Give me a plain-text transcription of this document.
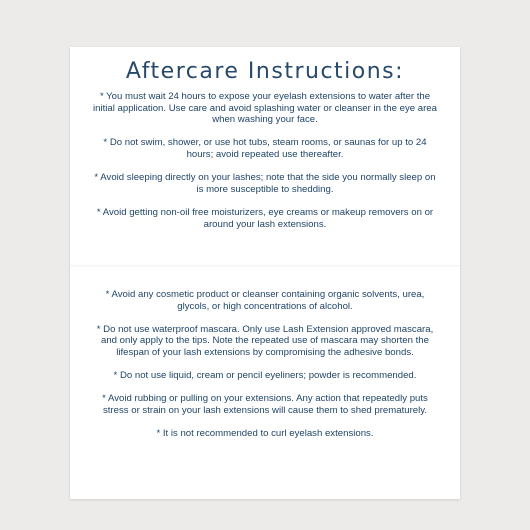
Aftercare Instructions:

* You must wait 24 hours to expose your eyelash extensions to water after the initial application. Use care and avoid splashing water or cleanser in the eye area when washing your face.

* Do not swim, shower, or use hot tubs, steam rooms, or saunas for up to 24 hours; avoid repeated use thereafter.

* Avoid sleeping directly on your lashes; note that the side you normally sleep on is more susceptible to shedding.

* Avoid getting non-oil free moisturizers, eye creams or makeup removers on or around your lash extensions.

* Avoid any cosmetic product or cleanser containing organic solvents, urea, glycols, or high concentrations of alcohol.

* Do not use waterproof mascara. Only use Lash Extension approved mascara, and only apply to the tips. Note the repeated use of mascara may shorten the lifespan of your lash extensions by compromising the adhesive bonds.

* Do not use liquid, cream or pencil eyeliners; powder is recommended.

* Avoid rubbing or pulling on your extensions. Any action that repeatedly puts stress or strain on your lash extensions will cause them to shed prematurely.

* It is not recommended to curl eyelash extensions.
